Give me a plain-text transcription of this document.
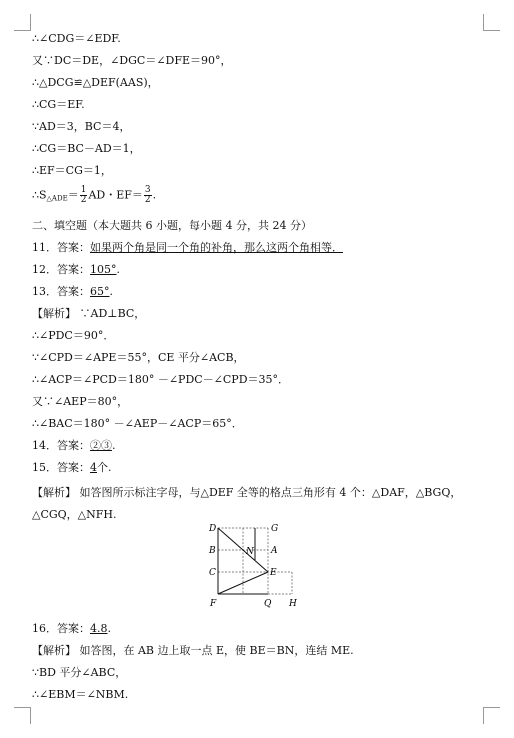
∴∠CDG＝∠EDF.
又∵DC＝DE，∠DGC＝∠DFE＝90°，
∴△DCG≌△DEF(AAS)，
∴CG＝EF.
∵AD＝3，BC＝4，
∴CG＝BC－AD＝1，
∴EF＝CG＝1，
$\therefore S_{\triangle ADE}= \frac{1}{2}$ AD・$EF= \frac{3}{2}$ .
二、填空题（本大题共 6 小题，每小题 4 分，共 24 分）
11．答案：如果两个角是同一个角的补角，那么这两个角相等．
12．答案：105°.
13．答案：65°.
【解析】 ∵AD⊥BC，
∴∠PDC＝90°．
∵∠CPD＝∠APE＝55°，CE 平分∠ACB，
∴∠ACP＝∠PCD＝180° －∠PDC－∠CPD＝35°．
又∵∠AEP＝80°，
∴∠BAC＝180° －∠AEP－∠ACP＝65°．
14．答案：②③.
15．答案：4个.
【解析】 如答图所示标注字母，与△DEF 全等的格点三角形有 4 个：△DAF，△BGQ，△CGQ，△NFH.
D	G
B	N A
C	E
F	Q H
16．答案：4.8.
【解析】 如答图，在 AB 边上取一点 E，使 BE＝BN，连结 ME.
∵BD 平分∠ABC，
∴∠EBM＝∠NBM.
